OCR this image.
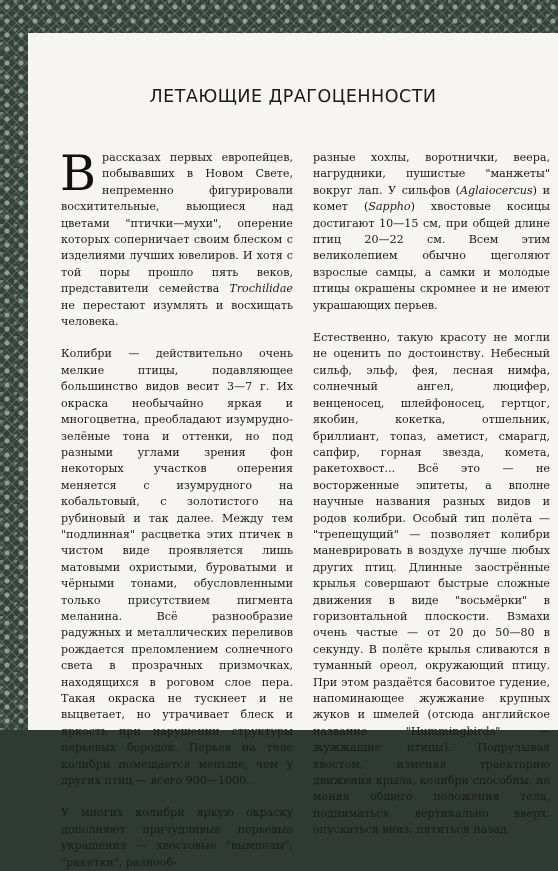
ЛЕТАЮЩИЕ ДРАГОЦЕННОСТИ

В рассказах первых европейцев, побывавших в Новом Свете, непременно фигурировали восхитительные, вьющиеся над цветами "птички—мухи", оперение которых соперничает своим блеском с изделиями лучших ювелиров. И хотя с той поры прошло пять веков, представители семейства Trochilidae не перестают изумлять и восхищать человека.

Колибри — действительно очень мелкие птицы, подавляющее большинство видов весит 3—7 г. Их окраска необычайно яркая и многоцветна, преобладают изумрудно-зелёные тона и оттенки, но под разными углами зрения фон некоторых участков оперения меняется с изумрудного на кобальтовый, с золотистого на рубиновый и так далее. Между тем "подлинная" расцветка этих птичек в чистом виде проявляется лишь матовыми охристыми, буроватыми и чёрными тонами, обусловленными только присутствием пигмента меланина. Всё разнообразие радужных и металлических переливов рождается преломлением солнечного света в прозрачных призмочках, находящихся в роговом слое пера. Такая окраска не тускнеет и не выцветает, но утрачивает блеск и яркость при нарушении структуры перьевых бородок. Перьев на теле колибри помещается меньше, чем у других птиц — всего 900—1000.

У многих колибри яркую окраску дополняют причудливые перьевые украшения — хвостовые "вымпелы", "ракетки", разнооб-

разные хохлы, воротнички, веера, нагрудники, пушистые "манжеты" вокруг лап. У сильфов (Aglaiocercus) и комет (Sappho) хвостовые косицы достигают 10—15 см, при общей длине птиц 20—22 см. Всем этим великолепием обычно щеголяют взрослые самцы, а самки и молодые птицы окрашены скромнее и не имеют украшающих перьев.

Естественно, такую красоту не могли не оценить по достоинству. Небесный сильф, эльф, фея, лесная нимфа, солнечный ангел, люцифер, венценосец, шлейфоносец, гертцог, якобин, кокетка, отшельник, бриллиант, топаз, аметист, смарагд, сапфир, горная звезда, комета, ракетохвост... Всё это — не восторженные эпитеты, а вполне научные названия разных видов и родов колибри. Особый тип полёта — "трепещущий" — позволяет колибри маневрировать в воздухе лучше любых других птиц. Длинные заострённые крылья совершают быстрые сложные движения в виде "восьмёрки" в горизонтальной плоскости. Взмахи очень частые — от 20 до 50—80 в секунду. В полёте крылья сливаются в туманный ореол, окружающий птицу. При этом раздаётся басовитое гудение, напоминающее жужжание крупных жуков и шмелей (отсюда английское название "Hummingbirds" — жужжащие птицы). Подрулывая хвостом, изменяя траекторию движения крыла, колибри способны, не меняя общего положения тела, подниматься вертикально вверх, опускаться вниз, пятиться назад.
